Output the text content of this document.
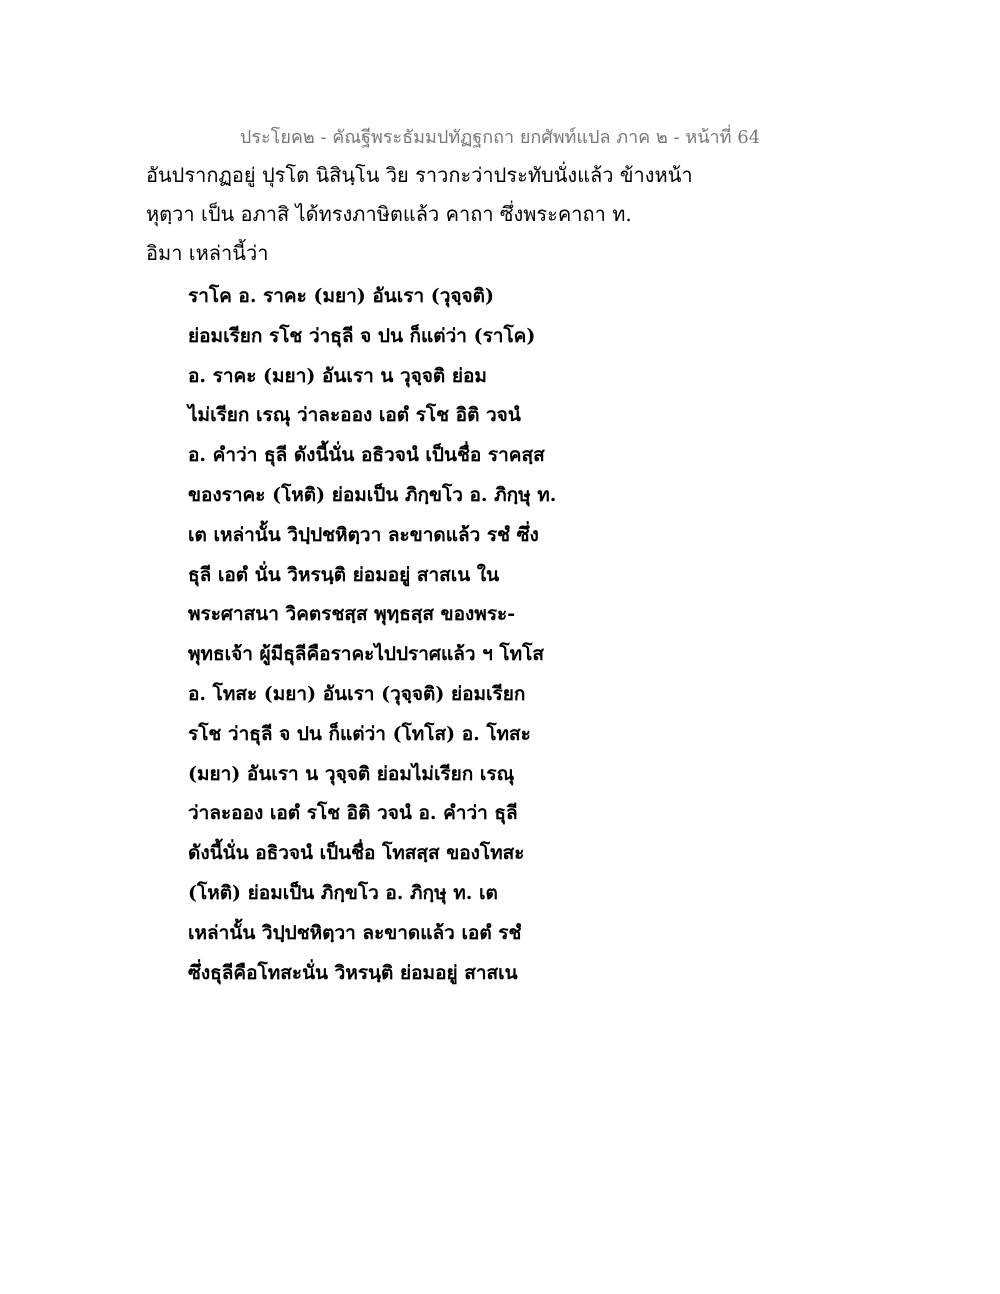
ประโยค๒ - คัณฐีพระธัมมปทัฏฐกถา ยกศัพท์แปล ภาค ๒ - หน้าที่ 64
อันปรากฏอยู่ ปุรโต นิสินฺโน วิย ราวกะว่าประทับนั่งแล้ว ข้างหน้า
หุตฺวา เป็น อภาสิ ได้ทรงภาษิตแล้ว คาถา ซึ่งพระคาถา ท.
อิมา เหล่านี้ว่า
ราโค อ. ราคะ (มยา) อันเรา (วุจฺจติ)
ย่อมเรียก รโช ว่าธุลี จ ปน ก็แต่ว่า (ราโค)
อ. ราคะ (มยา) อันเรา น วุจฺจติ ย่อม
ไม่เรียก เรณุ ว่าละออง เอตํ รโช อิติ วจนํ
อ. คำว่า ธุลี ดังนี้นั่น อธิวจนํ เป็นชื่อ ราคสฺส
ของราคะ (โหติ) ย่อมเป็น ภิกฺขโว อ. ภิกฺษุ ท.
เต เหล่านั้น วิปฺปชหิตฺวา ละขาดแล้ว รชํ ซึ่ง
ธุลี เอตํ นั่น วิหรนฺติ ย่อมอยู่ สาสเน ใน
พระศาสนา วิคตรชสฺส พุทฺธสฺส ของพระ-
พุทธเจ้า ผู้มีธุลีคือราคะไปปราศแล้ว ฯ โทโส
อ. โทสะ (มยา) อันเรา (วุจฺจติ) ย่อมเรียก
รโช ว่าธุลี จ ปน ก็แต่ว่า (โทโส) อ. โทสะ
(มยา) อันเรา น วุจฺจติ ย่อมไม่เรียก เรณุ
ว่าละออง เอตํ รโช อิติ วจนํ อ. คำว่า ธุลี
ดังนี้นั่น อธิวจนํ เป็นชื่อ โทสสฺส ของโทสะ
(โหติ) ย่อมเป็น ภิกฺขโว อ. ภิกฺษุ ท. เต
เหล่านั้น วิปฺปชหิตฺวา ละขาดแล้ว เอตํ รชํ
ซึ่งธุลีคือโทสะนั่น วิหรนฺติ ย่อมอยู่ สาสเน
